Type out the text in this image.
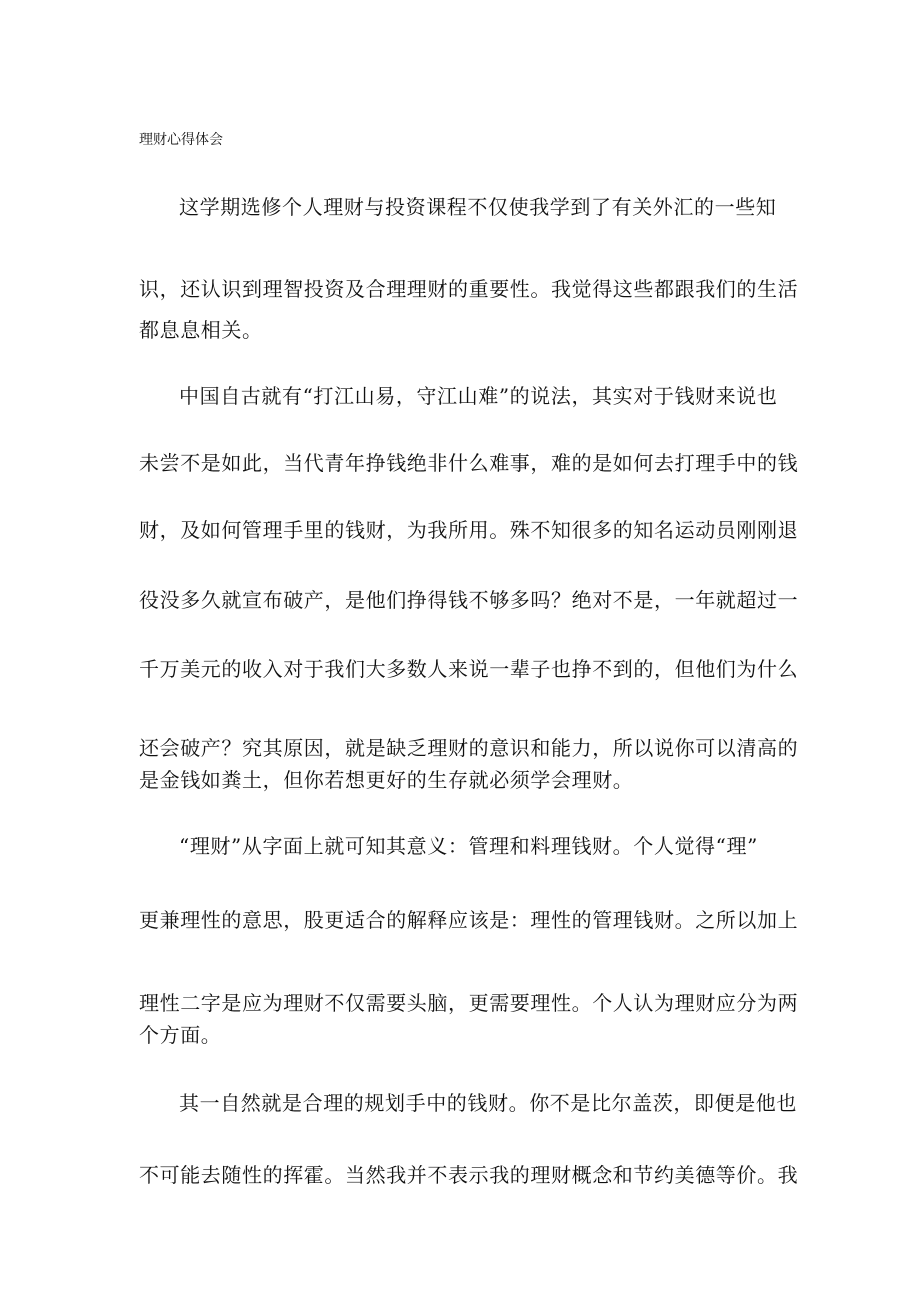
理财心得体会
这学期选修个人理财与投资课程不仅使我学到了有关外汇的一些知
识，还认识到理智投资及合理理财的重要性。我觉得这些都跟我们的生活
都息息相关。
中国自古就有“打江山易，守江山难”的说法，其实对于钱财来说也
未尝不是如此，当代青年挣钱绝非什么难事，难的是如何去打理手中的钱
财，及如何管理手里的钱财，为我所用。殊不知很多的知名运动员刚刚退
役没多久就宣布破产，是他们挣得钱不够多吗？绝对不是，一年就超过一
千万美元的收入对于我们大多数人来说一辈子也挣不到的，但他们为什么
还会破产？究其原因，就是缺乏理财的意识和能力，所以说你可以清高的
是金钱如粪土，但你若想更好的生存就必须学会理财。
“理财”从字面上就可知其意义：管理和料理钱财。个人觉得“理”
更兼理性的意思，股更适合的解释应该是：理性的管理钱财。之所以加上
理性二字是应为理财不仅需要头脑，更需要理性。个人认为理财应分为两
个方面。
其一自然就是合理的规划手中的钱财。你不是比尔盖茨，即便是他也
不可能去随性的挥霍。当然我并不表示我的理财概念和节约美德等价。我
